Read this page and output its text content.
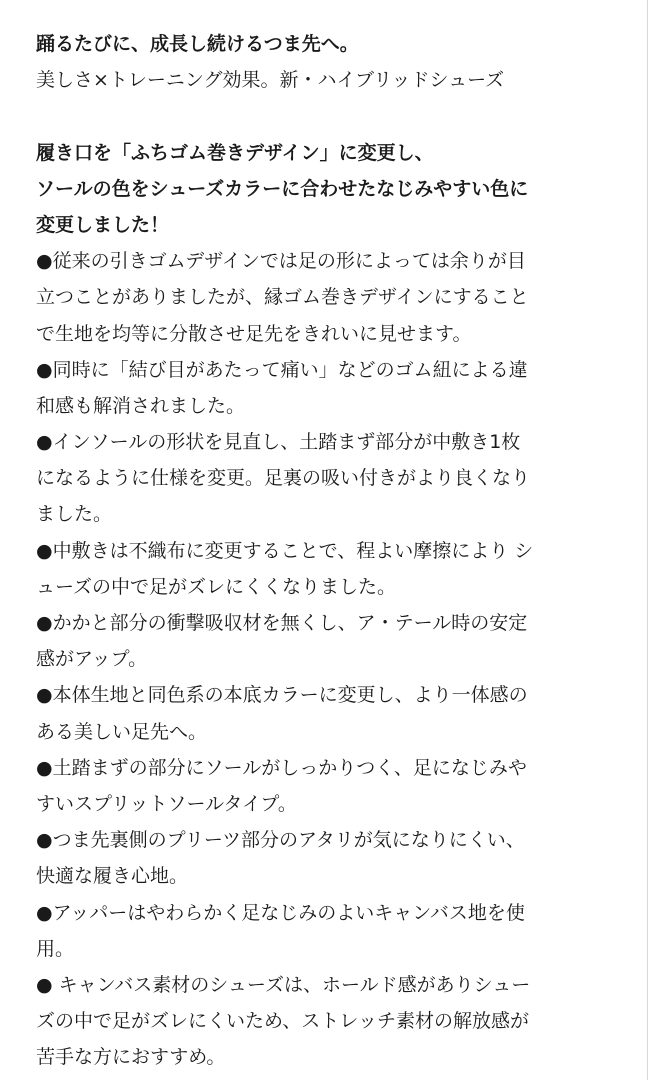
踊るたびに、成長し続けるつま先へ。
美しさ×トレーニング効果。新・ハイブリッドシューズ
履き口を「ふちゴム巻きデザイン」に変更し、
ソールの色をシューズカラーに合わせたなじみやすい色に
変更しました！
●従来の引きゴムデザインでは足の形によっては余りが目
立つことがありましたが、縁ゴム巻きデザインにすること
で生地を均等に分散させ足先をきれいに見せます。
●同時に「結び目があたって痛い」などのゴム紐による違
和感も解消されました。
●インソールの形状を見直し、土踏まず部分が中敷き1枚
になるように仕様を変更。足裏の吸い付きがより良くなり
ました。
●中敷きは不織布に変更することで、程よい摩擦により シ
ューズの中で足がズレにくくなりました。
●かかと部分の衝撃吸収材を無くし、ア・テール時の安定
感がアップ。
●本体生地と同色系の本底カラーに変更し、より一体感の
ある美しい足先へ。
●土踏まずの部分にソールがしっかりつく、足になじみや
すいスプリットソールタイプ。
●つま先裏側のプリーツ部分のアタリが気になりにくい、
快適な履き心地。
●アッパーはやわらかく足なじみのよいキャンバス地を使
用。
● キャンバス素材のシューズは、ホールド感がありシュー
ズの中で足がズレにくいため、ストレッチ素材の解放感が
苦手な方におすすめ。
